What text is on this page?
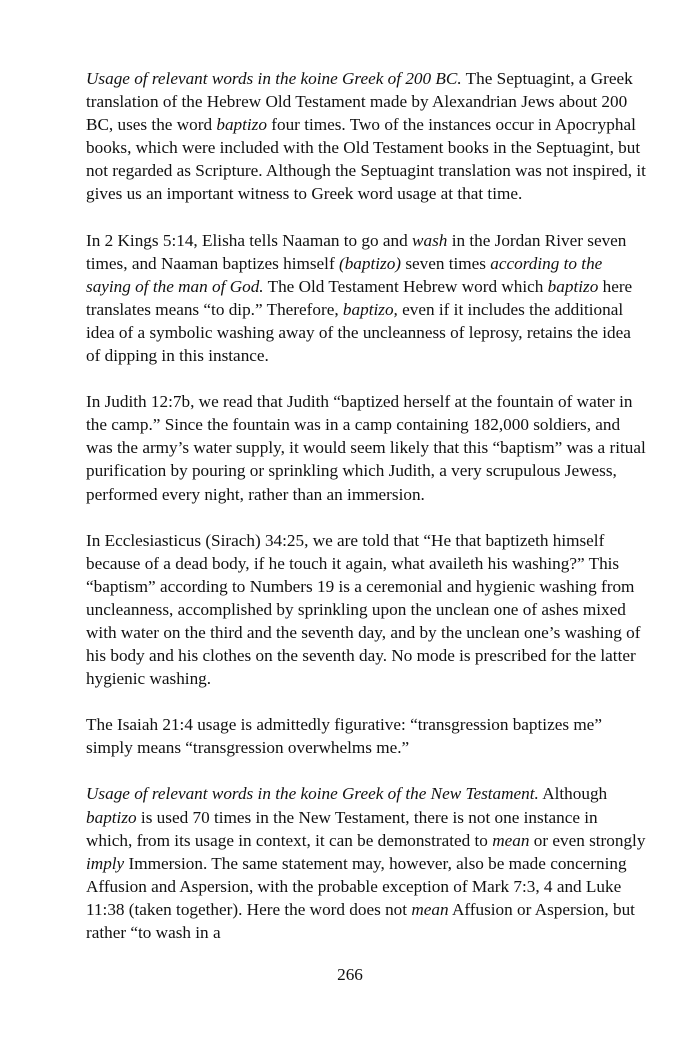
Usage of relevant words in the koine Greek of 200 BC. The Septuagint, a Greek translation of the Hebrew Old Testament made by Alexandrian Jews about 200 BC, uses the word baptizo four times. Two of the instances occur in Apocryphal books, which were included with the Old Testament books in the Septuagint, but not regarded as Scripture. Although the Septuagint translation was not inspired, it gives us an important witness to Greek word usage at that time.

In 2 Kings 5:14, Elisha tells Naaman to go and wash in the Jordan River seven times, and Naaman baptizes himself (baptizo) seven times according to the saying of the man of God. The Old Testament Hebrew word which baptizo here translates means “to dip.” Therefore, baptizo, even if it includes the additional idea of a symbolic washing away of the uncleanness of leprosy, retains the idea of dipping in this instance.

In Judith 12:7b, we read that Judith “baptized herself at the fountain of water in the camp.” Since the fountain was in a camp containing 182,000 soldiers, and was the army’s water supply, it would seem likely that this “baptism” was a ritual purification by pouring or sprinkling which Judith, a very scrupulous Jewess, performed every night, rather than an immersion.

In Ecclesiasticus (Sirach) 34:25, we are told that “He that baptizeth himself because of a dead body, if he touch it again, what availeth his washing?” This “baptism” according to Numbers 19 is a ceremonial and hygienic washing from uncleanness, accomplished by sprinkling upon the unclean one of ashes mixed with water on the third and the seventh day, and by the unclean one’s washing of his body and his clothes on the seventh day. No mode is prescribed for the latter hygienic washing.

The Isaiah 21:4 usage is admittedly figurative: “transgression baptizes me” simply means “transgression overwhelms me.”

Usage of relevant words in the koine Greek of the New Testament. Although baptizo is used 70 times in the New Testament, there is not one instance in which, from its usage in context, it can be demonstrated to mean or even strongly imply Immersion. The same statement may, however, also be made concerning Affusion and Aspersion, with the probable exception of Mark 7:3, 4 and Luke 11:38 (taken together). Here the word does not mean Affusion or Aspersion, but rather “to wash in a

266
